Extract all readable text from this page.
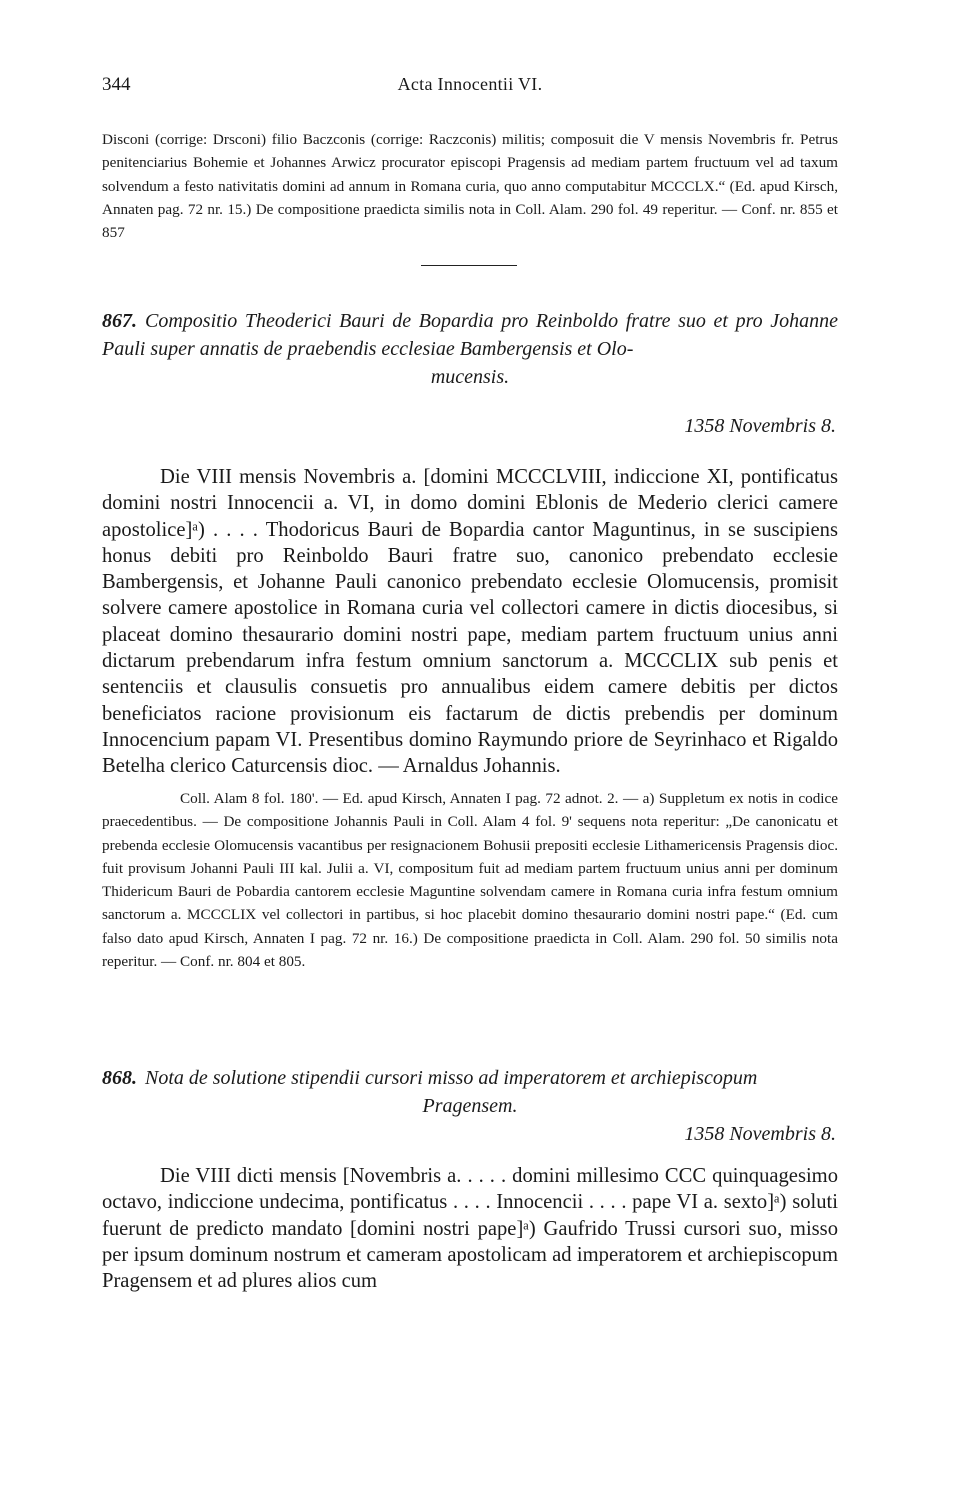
344	Acta Innocentii VI.

Disconi (corrige: Drsconi) filio Baczconis (corrige: Raczconis) militis; composuit die V mensis Novembris fr. Petrus penitenciarius Bohemie et Johannes Arwicz procurator episcopi Pragensis ad mediam partem fructuum vel ad taxum solvendum a festo nativitatis domini ad annum in Romana curia, quo anno computabitur MCCCLX.“ (Ed. apud Kirsch, Annaten pag. 72 nr. 15.) De compositione praedicta similis nota in Coll. Alam. 290 fol. 49 reperitur. — Conf. nr. 855 et 857

867. Compositio Theoderici Bauri de Bopardia pro Reinboldo fratre suo et pro Johanne Pauli super annatis de praebendis ecclesiae Bambergensis et Olo-
mucensis.
1358 Novembris 8.

Die VIII mensis Novembris a. [domini MCCCLVIII, indiccione XI, pontificatus domini nostri Innocencii a. VI, in domo domini Eblonis de Mederio clerici camere apostolice]ᵃ) . . . . Thodoricus Bauri de Bopardia cantor Maguntinus, in se suscipiens honus debiti pro Reinboldo Bauri fratre suo, canonico prebendato ecclesie Bambergensis, et Johanne Pauli canonico prebendato ecclesie Olomucensis, promisit solvere camere apostolice in Romana curia vel collectori camere in dictis diocesibus, si placeat domino thesaurario domini nostri pape, mediam partem fructuum unius anni dictarum prebendarum infra festum omnium sanctorum a. MCCCLIX sub penis et sentenciis et clausulis consuetis pro annualibus eidem camere debitis per dictos beneficiatos racione provisionum eis factarum de dictis prebendis per dominum Innocencium papam VI. Presentibus domino Raymundo priore de Seyrinhaco et Rigaldo Betelha clerico Caturcensis dioc. — Arnaldus Johannis.

Coll. Alam 8 fol. 180'. — Ed. apud Kirsch, Annaten I pag. 72 adnot. 2. — a) Suppletum ex notis in codice praecedentibus. — De compositione Johannis Pauli in Coll. Alam 4 fol. 9' sequens nota reperitur: „De canonicatu et prebenda ecclesie Olomucensis vacantibus per resignacionem Bohusii prepositi ecclesie Lithamericensis Pragensis dioc. fuit provisum Johanni Pauli III kal. Julii a. VI, compositum fuit ad mediam partem fructuum unius anni per dominum Thidericum Bauri de Pobardia cantorem ecclesie Maguntine solvendam camere in Romana curia infra festum omnium sanctorum a. MCCCLIX vel collectori in partibus, si hoc placebit domino thesaurario domini nostri pape.“ (Ed. cum falso dato apud Kirsch, Annaten I pag. 72 nr. 16.) De compositione praedicta in Coll. Alam. 290 fol. 50 similis nota reperitur. — Conf. nr. 804 et 805.

868. Nota de solutione stipendii cursori misso ad imperatorem et archiepiscopum
Pragensem.
1358 Novembris 8.

Die VIII dicti mensis [Novembris a. . . . . domini millesimo CCC quinquagesimo octavo, indiccione undecima, pontificatus . . . . Innocencii . . . . pape VI a. sexto]ᵃ) soluti fuerunt de predicto mandato [domini nostri pape]ᵃ) Gaufrido Trussi cursori suo, misso per ipsum dominum nostrum et cameram apostolicam ad imperatorem et archiepiscopum Pragensem et ad plures alios cum
